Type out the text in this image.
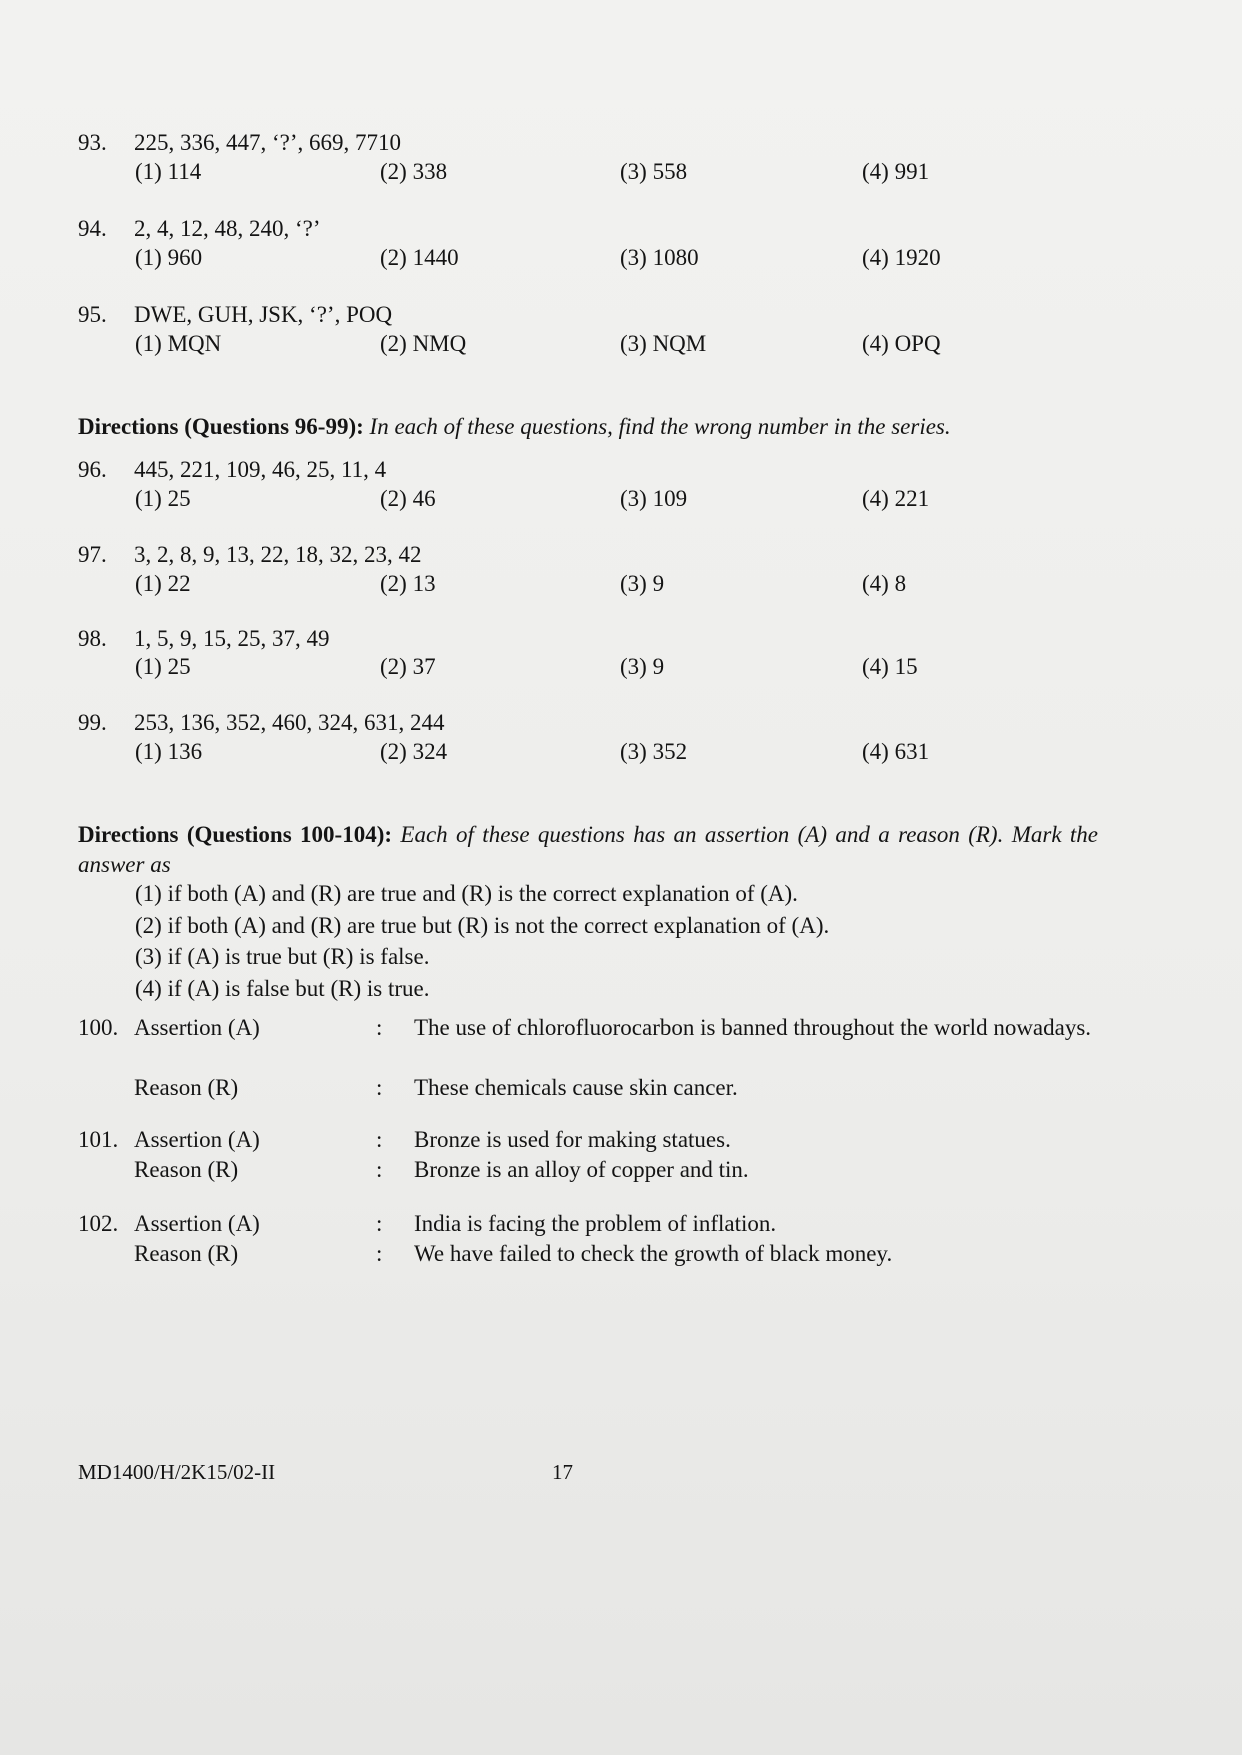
93.	225, 336, 447, ‘?’, 669, 7710
(1) 114	(2) 338	(3) 558	(4) 991
94.	2, 4, 12, 48, 240, ‘?’
(1) 960	(2) 1440	(3) 1080	(4) 1920
95.	DWE, GUH, JSK, ‘?’, POQ
(1) MQN	(2) NMQ	(3) NQM	(4) OPQ
Directions (Questions 96-99): In each of these questions, find the wrong number in the series.
96.	445, 221, 109, 46, 25, 11, 4
(1) 25	(2) 46	(3) 109	(4) 221
97.	3, 2, 8, 9, 13, 22, 18, 32, 23, 42
(1) 22	(2) 13	(3) 9	(4) 8
98.	1, 5, 9, 15, 25, 37, 49
(1) 25	(2) 37	(3) 9	(4) 15
99.	253, 136, 352, 460, 324, 631, 244
(1) 136	(2) 324	(3) 352	(4) 631
Directions (Questions 100-104): Each of these questions has an assertion (A) and a reason (R). Mark the answer as
(1) if both (A) and (R) are true and (R) is the correct explanation of (A).
(2) if both (A) and (R) are true but (R) is not the correct explanation of (A).
(3) if (A) is true but (R) is false.
(4) if (A) is false but (R) is true.
100. Assertion (A)	: The use of chlorofluorocarbon is banned throughout the world nowadays.
Reason (R)	: These chemicals cause skin cancer.
101. Assertion (A)	: Bronze is used for making statues.
Reason (R)	: Bronze is an alloy of copper and tin.
102. Assertion (A)	: India is facing the problem of inflation.
Reason (R)	: We have failed to check the growth of black money.
MD1400/H/2K15/02-II	17
